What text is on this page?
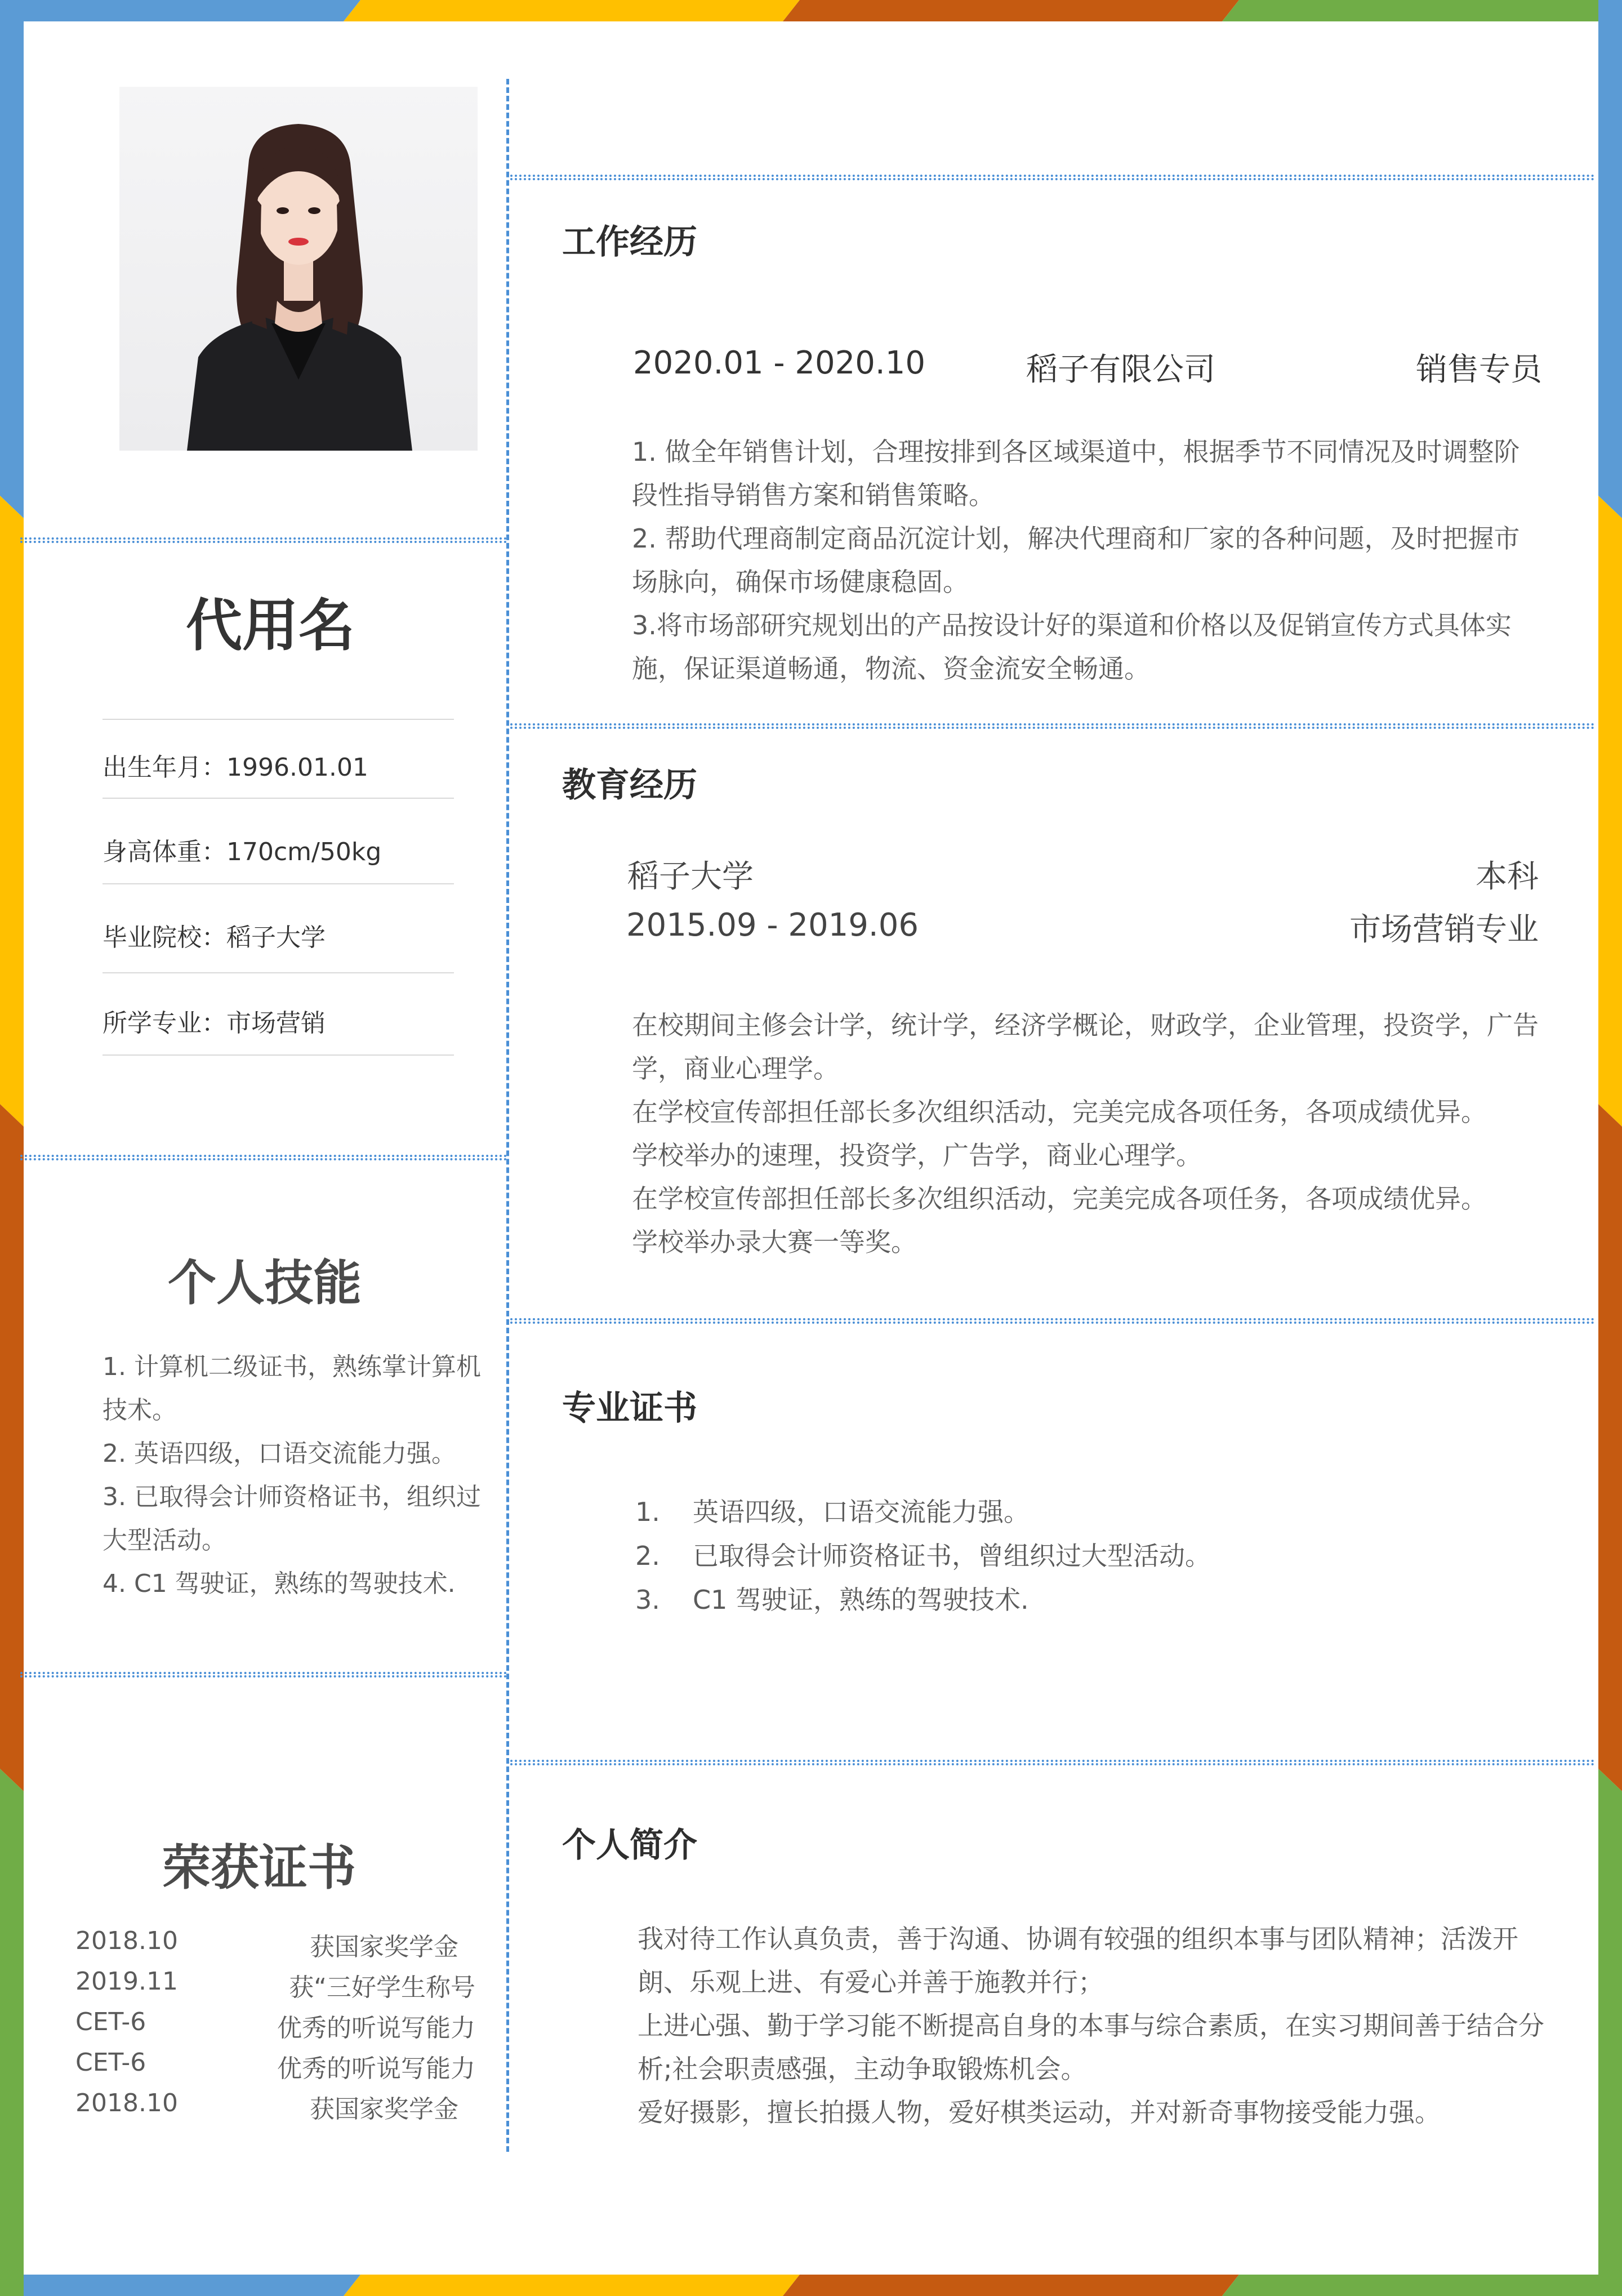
代用名
出生年月：1996.01.01
身高体重：170cm/50kg
毕业院校：稻子大学
所学专业：市场营销
个人技能

1. 计算机二级证书，熟练掌计算机技术。

2. 英语四级，口语交流能力强。

3. 已取得会计师资格证书，组织过大型活动。

4. C1 驾驶证，熟练的驾驶技术.

荣获证书
2018.10	获国家奖学金
2019.11	获“三好学生称号
CET-6	优秀的听说写能力
CET-6	优秀的听说写能力
2018.10	获国家奖学金
工作经历
2020.01 - 2020.10	稻子有限公司	销售专员

1. 做全年销售计划，合理按排到各区域渠道中，根据季节不同情况及时调整阶段性指导销售方案和销售策略。

2. 帮助代理商制定商品沉淀计划，解决代理商和厂家的各种问题，及时把握市场脉向，确保市场健康稳固。

3.将市场部研究规划出的产品按设计好的渠道和价格以及促销宣传方式具体实施，保证渠道畅通，物流、资金流安全畅通。

教育经历
稻子大学	本科
2015.09 - 2019.06	市场营销专业

在校期间主修会计学，统计学，经济学概论，财政学，企业管理，投资学，广告学，商业心理学。

在学校宣传部担任部长多次组织活动，完美完成各项任务，各项成绩优异。

学校举办的速理，投资学，广告学，商业心理学。

在学校宣传部担任部长多次组织活动，完美完成各项任务，各项成绩优异。

学校举办录大赛一等奖。

专业证书
1. 英语四级，口语交流能力强。
2. 已取得会计师资格证书，曾组织过大型活动。
3. C1 驾驶证，熟练的驾驶技术.
个人简介

我对待工作认真负责，善于沟通、协调有较强的组织本事与团队精神；活泼开朗、乐观上进、有爱心并善于施教并行；

上进心强、勤于学习能不断提高自身的本事与综合素质，在实习期间善于结合分析;社会职责感强，主动争取锻炼机会。

爱好摄影，擅长拍摄人物，爱好棋类运动，并对新奇事物接受能力强。
